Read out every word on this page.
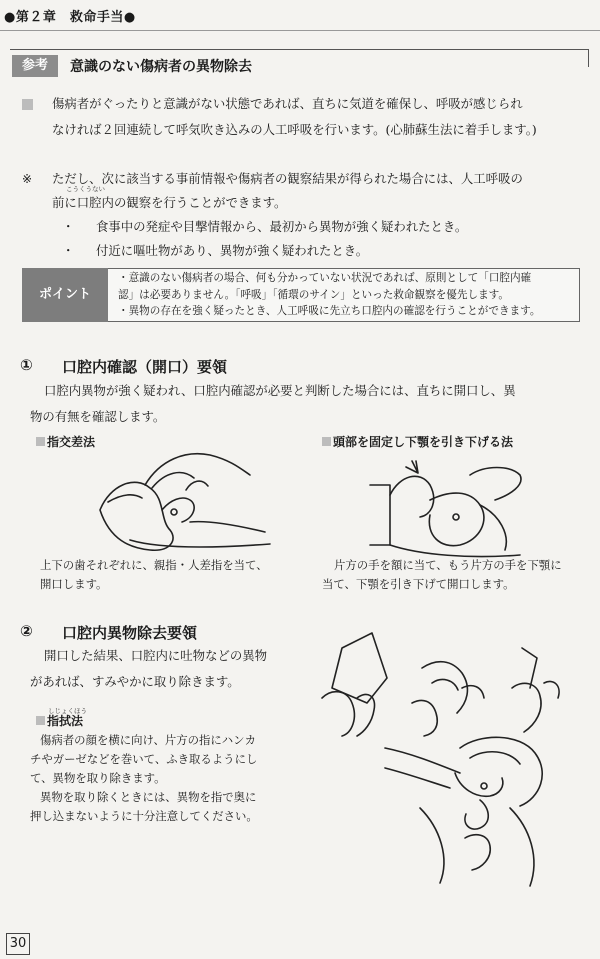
●第２章　救命手当●
参考	意識のない傷病者の異物除去
傷病者がぐったりと意識がない状態であれば、直ちに気道を確保し、呼吸が感じられ
なければ２回連続して呼気吹き込みの人工呼吸を行います。(心肺蘇生法に着手します。)
※ ただし、次に該当する事前情報や傷病者の観察結果が得られた場合には、人工呼吸の
こうくうない
前に口腔内の観察を行うことができます。
・ 食事中の発症や目撃情報から、最初から異物が強く疑われたとき。
・ 付近に嘔吐物があり、異物が強く疑われたとき。
ポイント
・意識のない傷病者の場合、何も分かっていない状況であれば、原則として「口腔内確
認」は必要ありません。「呼吸」「循環のサイン」といった救命観察を優先します。
・異物の存在を強く疑ったとき、人工呼吸に先立ち口腔内の確認を行うことができます。
① 口腔内確認（開口）要領
口腔内異物が強く疑われ、口腔内確認が必要と判断した場合には、直ちに開口し、異
物の有無を確認します。
指交差法	頭部を固定し下顎を引き下げる法
上下の歯それぞれに、親指・人差指を当て、
開口します。
片方の手を額に当て、もう片方の手を下顎に
当て、下顎を引き下げて開口します。
② 口腔内異物除去要領
開口した結果、口腔内に吐物などの異物
があれば、すみやかに取り除きます。
しじょくほう
指拭法
傷病者の顔を横に向け、片方の指にハンカ
チやガーゼなどを巻いて、ふき取るようにし
て、異物を取り除きます。
異物を取り除くときには、異物を指で奥に
押し込まないように十分注意してください。
30
